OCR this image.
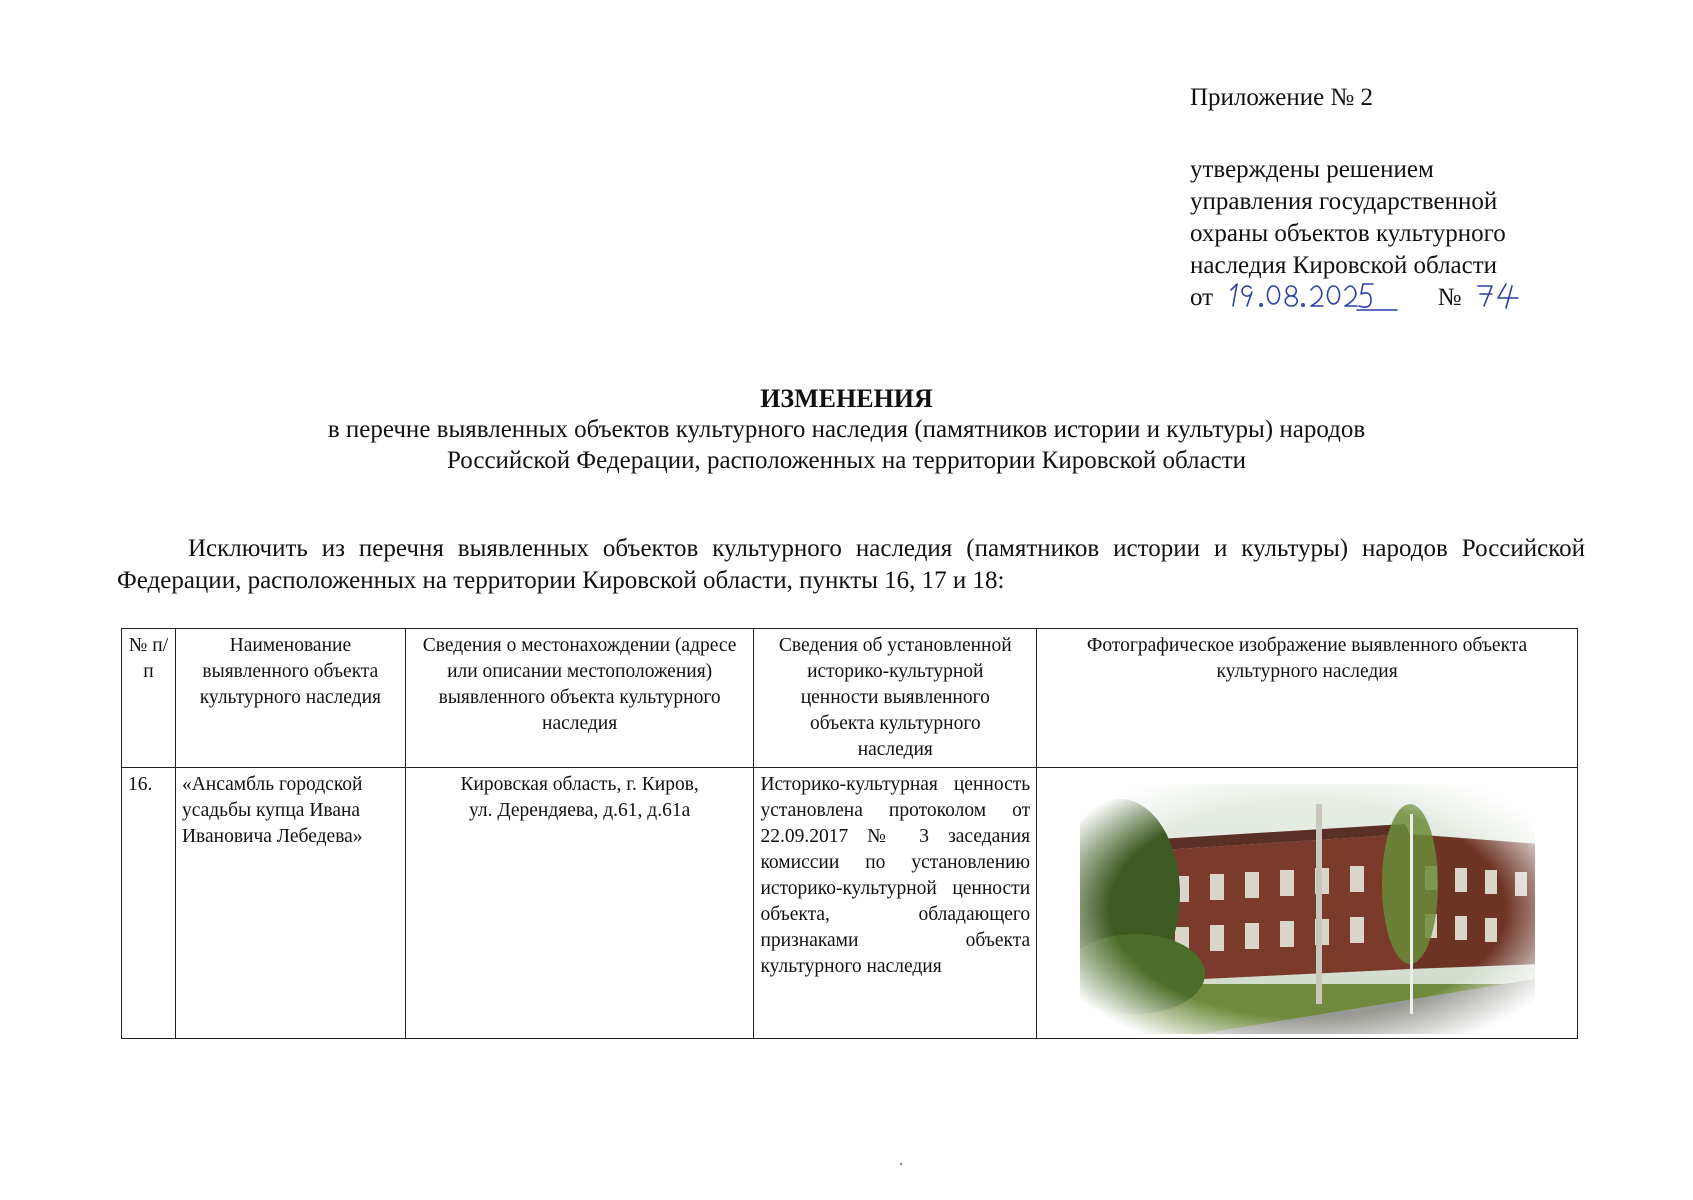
Приложение № 2
утверждены решением
управления государственной
охраны объектов культурного
наследия Кировской области
от	№
ИЗМЕНЕНИЯ
в перечне выявленных объектов культурного наследия (памятников истории и культуры) народов
Российской Федерации, расположенных на территории Кировской области
Исключить из перечня выявленных объектов культурного наследия (памятников истории и культуры) народов Российской Федерации, расположенных на территории Кировской области, пункты 16, 17 и 18:
№ п/п	Наименование выявленного объекта культурного наследия	Сведения о местонахождении (адресе или описании местоположения) выявленного объекта культурного наследия	Сведения об установленной историко-культурной ценности выявленного объекта культурного наследия	Фотографическое изображение выявленного объекта культурного наследия
16.	«Ансамбль городской усадьбы купца Ивана Ивановича Лебедева»	Кировская область, г. Киров, ул. Дерендяева, д.61, д.61а	Историко-культурная ценность установлена протоколом от 22.09.2017 № 3 заседания комиссии по установлению историко-культурной ценности объекта, обладающего признаками объекта культурного наследия	
